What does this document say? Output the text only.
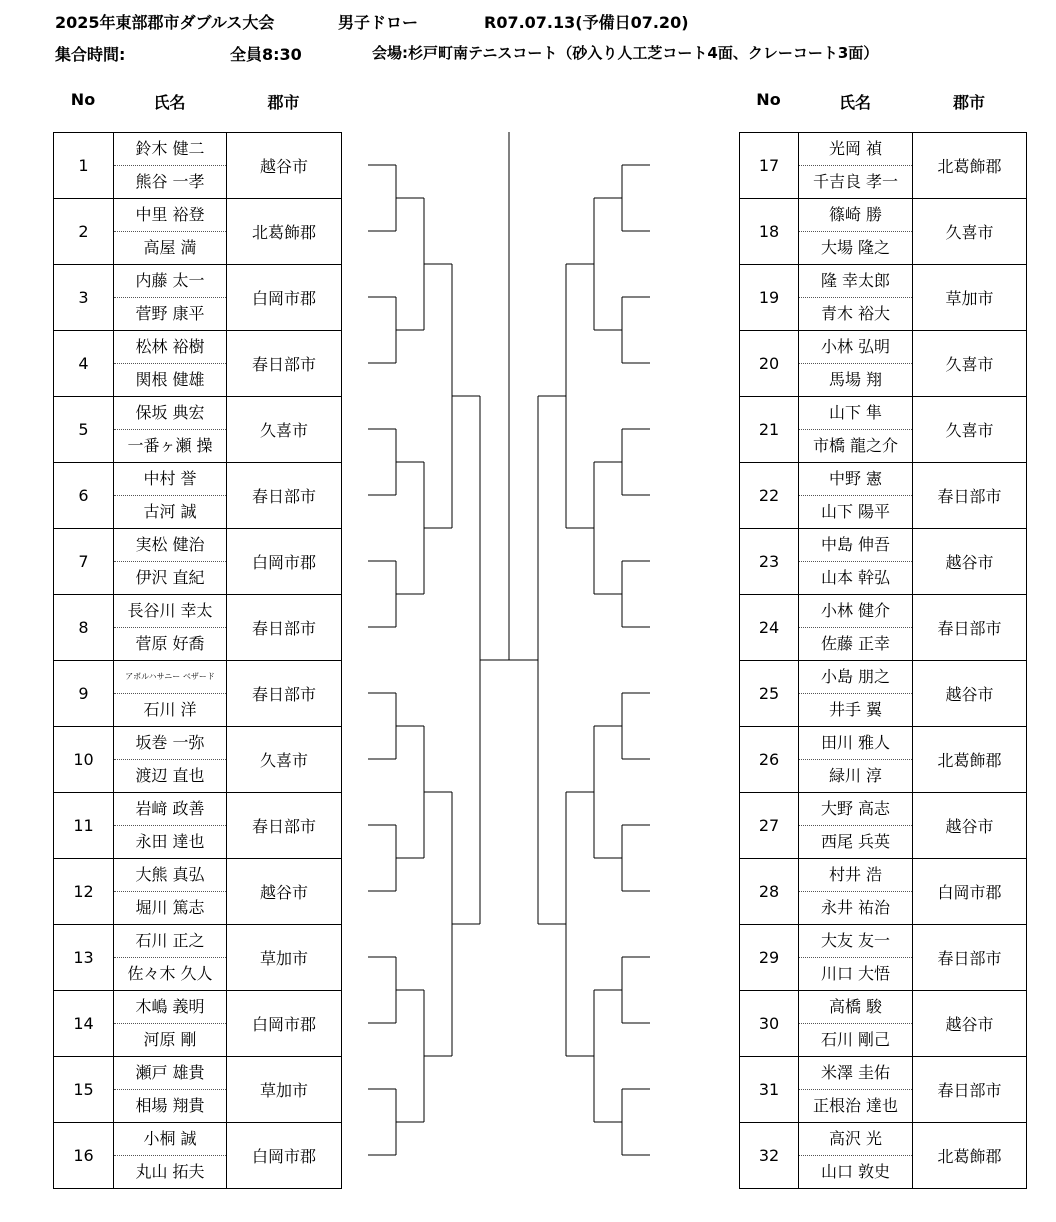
2025年東部郡市ダブルス大会	男子ドロー	R07.07.13(予備日07.20)
集合時間:	全員8:30	会場:杉戸町南テニスコート（砂入り人工芝コート4面、クレーコート3面）
No	氏名	郡市	No	氏名	郡市
1	鈴木 健二
熊谷 一孝	越谷市
2	中里 裕登
高屋 満	北葛飾郡
3	内藤 太一
菅野 康平	白岡市郡
4	松林 裕樹
関根 健雄	春日部市
5	保坂 典宏
一番ヶ瀬 操	久喜市
6	中村 誉
古河 誠	春日部市
7	実松 健治
伊沢 直紀	白岡市郡
8	長谷川 幸太
菅原 好喬	春日部市
9	アボルハサニー ベザード
石川 洋	春日部市
10	坂巻 一弥
渡辺 直也	久喜市
11	岩﨑 政善
永田 達也	春日部市
12	大熊 真弘
堀川 篤志	越谷市
13	石川 正之
佐々木 久人	草加市
14	木嶋 義明
河原 剛	白岡市郡
15	瀬戸 雄貴
相場 翔貴	草加市
16	小桐 誠
丸山 拓夫	白岡市郡
17	光岡 禎
千吉良 孝一	北葛飾郡
18	篠崎 勝
大場 隆之	久喜市
19	隆 幸太郎
青木 裕大	草加市
20	小林 弘明
馬場 翔	久喜市
21	山下 隼
市橋 龍之介	久喜市
22	中野 憲
山下 陽平	春日部市
23	中島 伸吾
山本 幹弘	越谷市
24	小林 健介
佐藤 正幸	春日部市
25	小島 朋之
井手 翼	越谷市
26	田川 雅人
緑川 淳	北葛飾郡
27	大野 高志
西尾 兵英	越谷市
28	村井 浩
永井 祐治	白岡市郡
29	大友 友一
川口 大悟	春日部市
30	高橋 駿
石川 剛己	越谷市
31	米澤 圭佑
正根治 達也	春日部市
32	高沢 光
山口 敦史	北葛飾郡
